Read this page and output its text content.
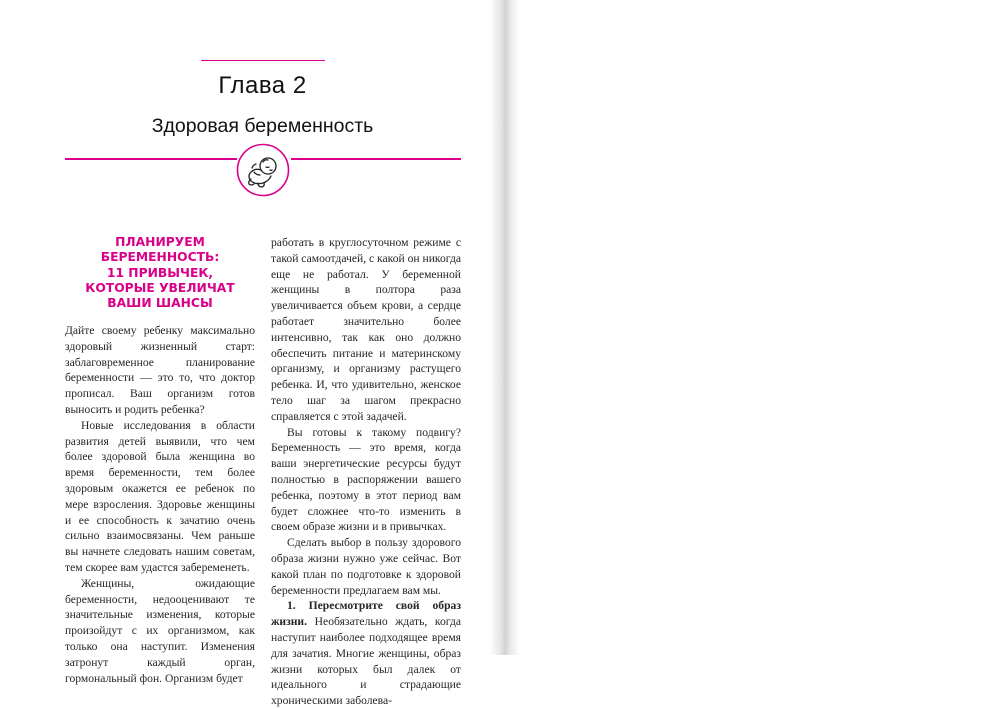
Глава 2
Здоровая беременность
ПЛАНИРУЕМ
БЕРЕМЕННОСТЬ:
11 ПРИВЫЧЕК,
КОТОРЫЕ УВЕЛИЧАТ
ВАШИ ШАНСЫ

Дайте своему ребенку максимально здоровый жизненный старт: заблаговременное планирование беременности — это то, что доктор прописал. Ваш организм готов выносить и родить ребенка?

Новые исследования в области развития детей выявили, что чем более здоровой была женщина во время беременности, тем более здоровым окажется ее ребенок по мере взросления. Здоровье женщины и ее способность к зачатию очень сильно взаимосвязаны. Чем раньше вы начнете следовать нашим советам, тем скорее вам удастся забеременеть.

Женщины, ожидающие беременности, недооценивают те значительные изменения, которые произойдут с их организмом, как только она наступит. Изменения затронут каждый орган, гормональный фон. Организм будет

работать в круглосуточном режиме с такой самоотдачей, с какой он никогда еще не работал. У беременной женщины в полтора раза увеличивается объем крови, а сердце работает значительно более интенсивно, так как оно должно обеспечить питание и материнскому организму, и организму растущего ребенка. И, что удивительно, женское тело шаг за шагом прекрасно справляется с этой задачей.

Вы готовы к такому подвигу? Беременность — это время, когда ваши энергетические ресурсы будут полностью в распоряжении вашего ребенка, поэтому в этот период вам будет сложнее что-то изменить в своем образе жизни и в привычках.

Сделать выбор в пользу здорового образа жизни нужно уже сейчас. Вот какой план по подготовке к здоровой беременности предлагаем вам мы.

1. Пересмотрите свой образ жизни. Необязательно ждать, когда наступит наиболее подходящее время для зачатия. Многие женщины, образ жизни которых был далек от идеального и страдающие хроническими заболева-
